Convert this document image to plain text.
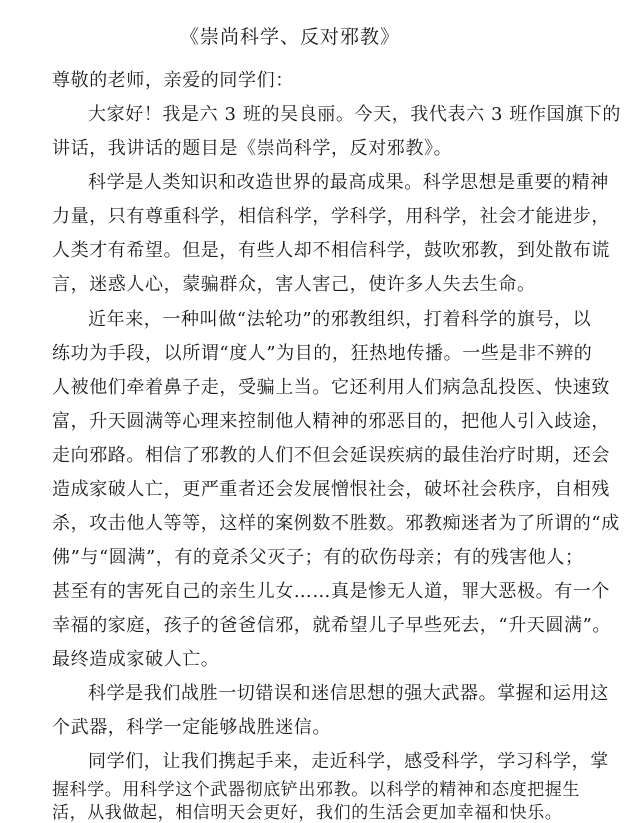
《崇尚科学、反对邪教》
尊敬的老师，亲爱的同学们：
大家好！我是六 3 班的吴良丽。今天，我代表六 3 班作国旗下的
讲话，我讲话的题目是《崇尚科学，反对邪教》。
科学是人类知识和改造世界的最高成果。科学思想是重要的精神
力量，只有尊重科学，相信科学，学科学，用科学，社会才能进步，
人类才有希望。但是，有些人却不相信科学，鼓吹邪教，到处散布谎
言，迷惑人心，蒙骗群众，害人害己，使许多人失去生命。
近年来，一种叫做“法轮功”的邪教组织，打着科学的旗号，以
练功为手段，以所谓“度人”为目的，狂热地传播。一些是非不辨的
人被他们牵着鼻子走，受骗上当。它还利用人们病急乱投医、快速致
富，升天圆满等心理来控制他人精神的邪恶目的，把他人引入歧途，
走向邪路。相信了邪教的人们不但会延误疾病的最佳治疗时期，还会
造成家破人亡，更严重者还会发展憎恨社会，破坏社会秩序，自相残
杀，攻击他人等等，这样的案例数不胜数。邪教痴迷者为了所谓的“成
佛”与“圆满”，有的竟杀父灭子；有的砍伤母亲；有的残害他人；
甚至有的害死自己的亲生儿女……真是惨无人道，罪大恶极。有一个
幸福的家庭，孩子的爸爸信邪，就希望儿子早些死去，“升天圆满”。
最终造成家破人亡。
科学是我们战胜一切错误和迷信思想的强大武器。掌握和运用这
个武器，科学一定能够战胜迷信。
同学们，让我们携起手来，走近科学，感受科学，学习科学，掌
握科学。用科学这个武器彻底铲出邪教。以科学的精神和态度把握生
活，从我做起，相信明天会更好，我们的生活会更加幸福和快乐。
